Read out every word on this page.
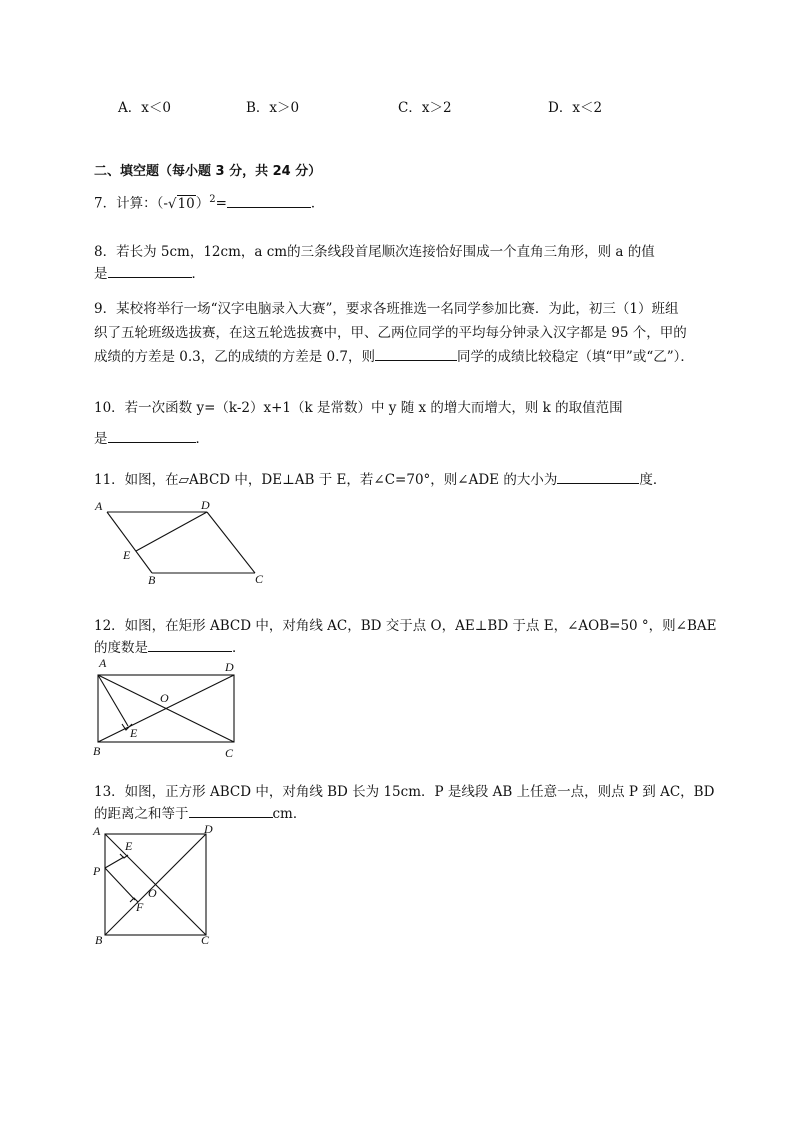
A．x＜0	B．x＞0	C．x＞2	D．x＜2
二、填空题（每小题 3 分，共 24 分）
7．计算：$(-√10)^2=$	．
8．若长为 5cm，12cm，a cm的三条线段首尾顺次连接恰好围成一个直角三角形，则 a 的值
是	．
9．某校将举行一场“汉字电脑录入大赛”，要求各班推选一名同学参加比赛．为此，初三（1）班组
织了五轮班级选拔赛，在这五轮选拔赛中，甲、乙两位同学的平均每分钟录入汉字都是 95 个，甲的
成绩的方差是 0.3，乙的成绩的方差是 0.7，则	同学的成绩比较稳定（填“甲”或“乙”）．
10．若一次函数 y=（k-2）x+1（k 是常数）中 y 随 x 的增大而增大，则 k 的取值范围
是	．
11．如图，在▱ABCD 中，DE⊥AB 于 E，若∠C=70°，则∠ADE 的大小为	度．
A	D
E
B	C
12．如图，在矩形 ABCD 中，对角线 AC，BD 交于点 O，AE⊥BD 于点 E，∠AOB=50 °，则∠BAE
的度数是	．
A	D
O
E
B	C
13．如图，正方形 ABCD 中，对角线 BD 长为 15cm．P 是线段 AB 上任意一点，则点 P 到 AC，BD
的距离之和等于	cm．
A	D
E
P
O
F
B	C
